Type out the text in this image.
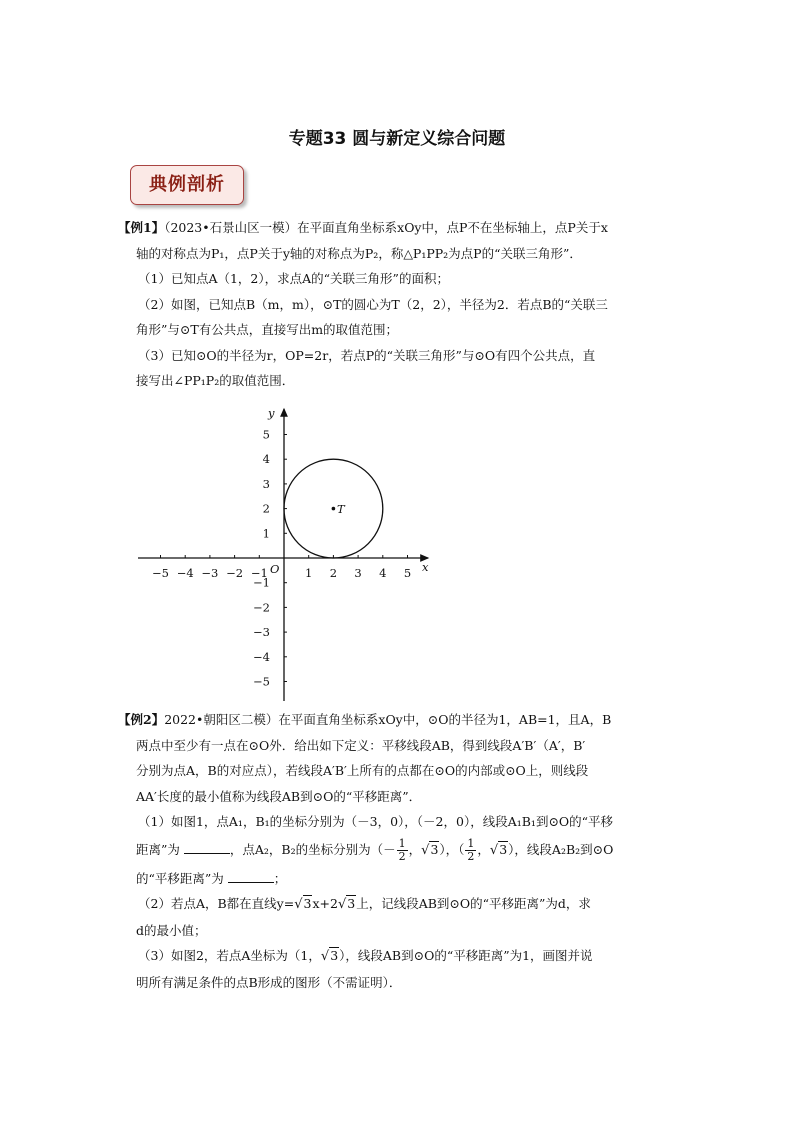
专题33 圆与新定义综合问题
典例剖析
【例1】（2023•石景山区一模）在平面直角坐标系xOy中，点P不在坐标轴上，点P关于x
轴的对称点为P₁，点P关于y轴的对称点为P₂，称△P₁PP₂为点P的“关联三角形”．
（1）已知点A（1，2），求点A的“关联三角形”的面积；
（2）如图，已知点B（m，m），⊙T的圆心为T（2，2），半径为2．若点B的“关联三
角形”与⊙T有公共点，直接写出m的取值范围；
（3）已知⊙O的半径为r，OP=2r，若点P的“关联三角形”与⊙O有四个公共点，直
接写出∠PP₁P₂的取值范围．
−5 −4 −3 −2 −1	1 2 3 4 5
5
4
3
2
1
−1
−2
−3
−4
−5
T
O	x
y
【例2】2022•朝阳区二模）在平面直角坐标系xOy中，⊙O的半径为1，AB=1，且A，B
两点中至少有一点在⊙O外．给出如下定义：平移线段AB，得到线段A′B′（A′，B′
分别为点A，B的对应点），若线段A′B′上所有的点都在⊙O的内部或⊙O上，则线段
AA′长度的最小值称为线段AB到⊙O的“平移距离”．
（1）如图1，点A₁，B₁的坐标分别为（－3，0），（－2，0），线段A₁B₁到⊙O的“平移
距离”为	，点A₂，B₂的坐标分别为（－ $\frac{1}{2}$ ，√3），（ $\frac{1}{2}$ ，√3），线段A₂B₂到⊙O
的“平移距离”为	；
（2）若点A，B都在直线y=√3x+2√3上，记线段AB到⊙O的“平移距离”为d，求
d的最小值；
（3）如图2，若点A坐标为（1，√3），线段AB到⊙O的“平移距离”为1，画图并说
明所有满足条件的点B形成的图形（不需证明）．
